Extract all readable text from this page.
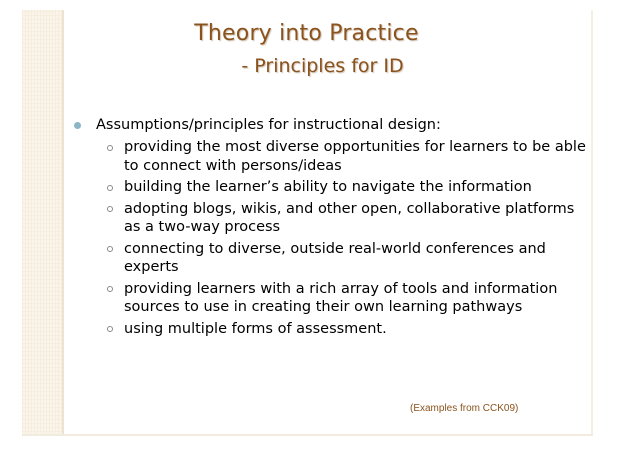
Theory into Practice
- Principles for ID
Assumptions/principles for instructional design:
providing the most diverse opportunities for learners to be able to connect with persons/ideas
building the learner’s ability to navigate the information
adopting blogs, wikis, and other open, collaborative platforms as a two-way process
connecting to diverse, outside real-world conferences and experts
providing learners with a rich array of tools and information sources to use in creating their own learning pathways
using multiple forms of assessment.
(Examples from CCK09)
